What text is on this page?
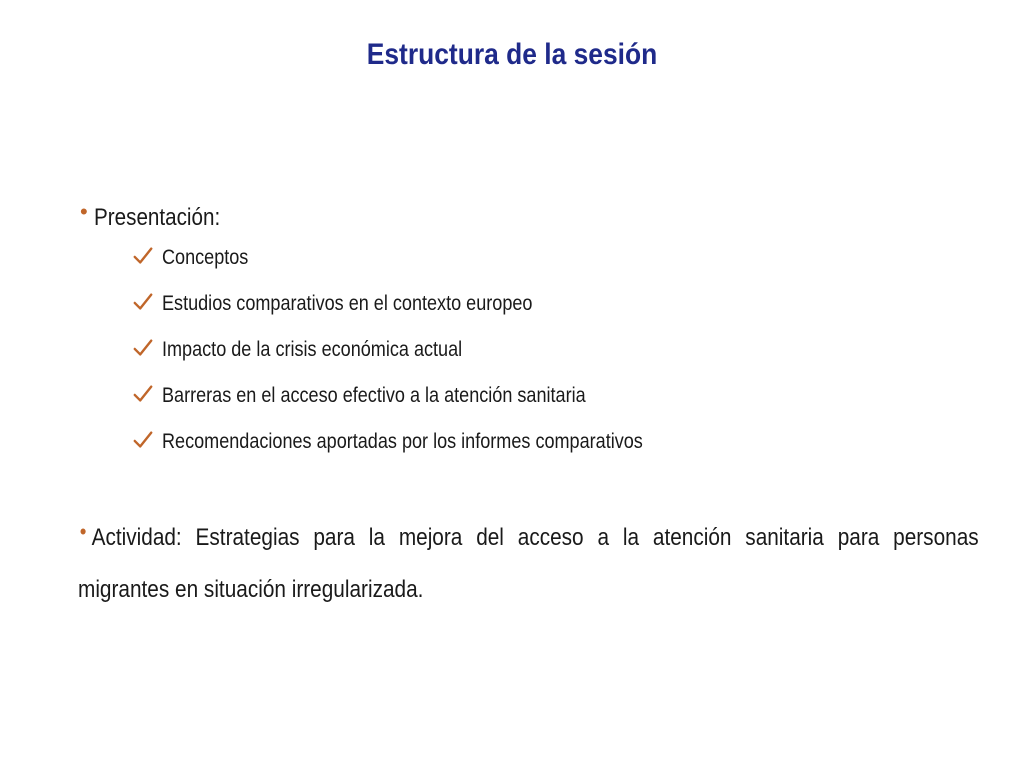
Estructura de la sesión
• Presentación:
Conceptos
Estudios comparativos en el contexto europeo
Impacto de la crisis económica actual
Barreras en el acceso efectivo a la atención sanitaria
Recomendaciones aportadas por los informes comparativos
• Actividad: Estrategias para la mejora del acceso a la atención sanitaria para personas migrantes en situación irregularizada.
